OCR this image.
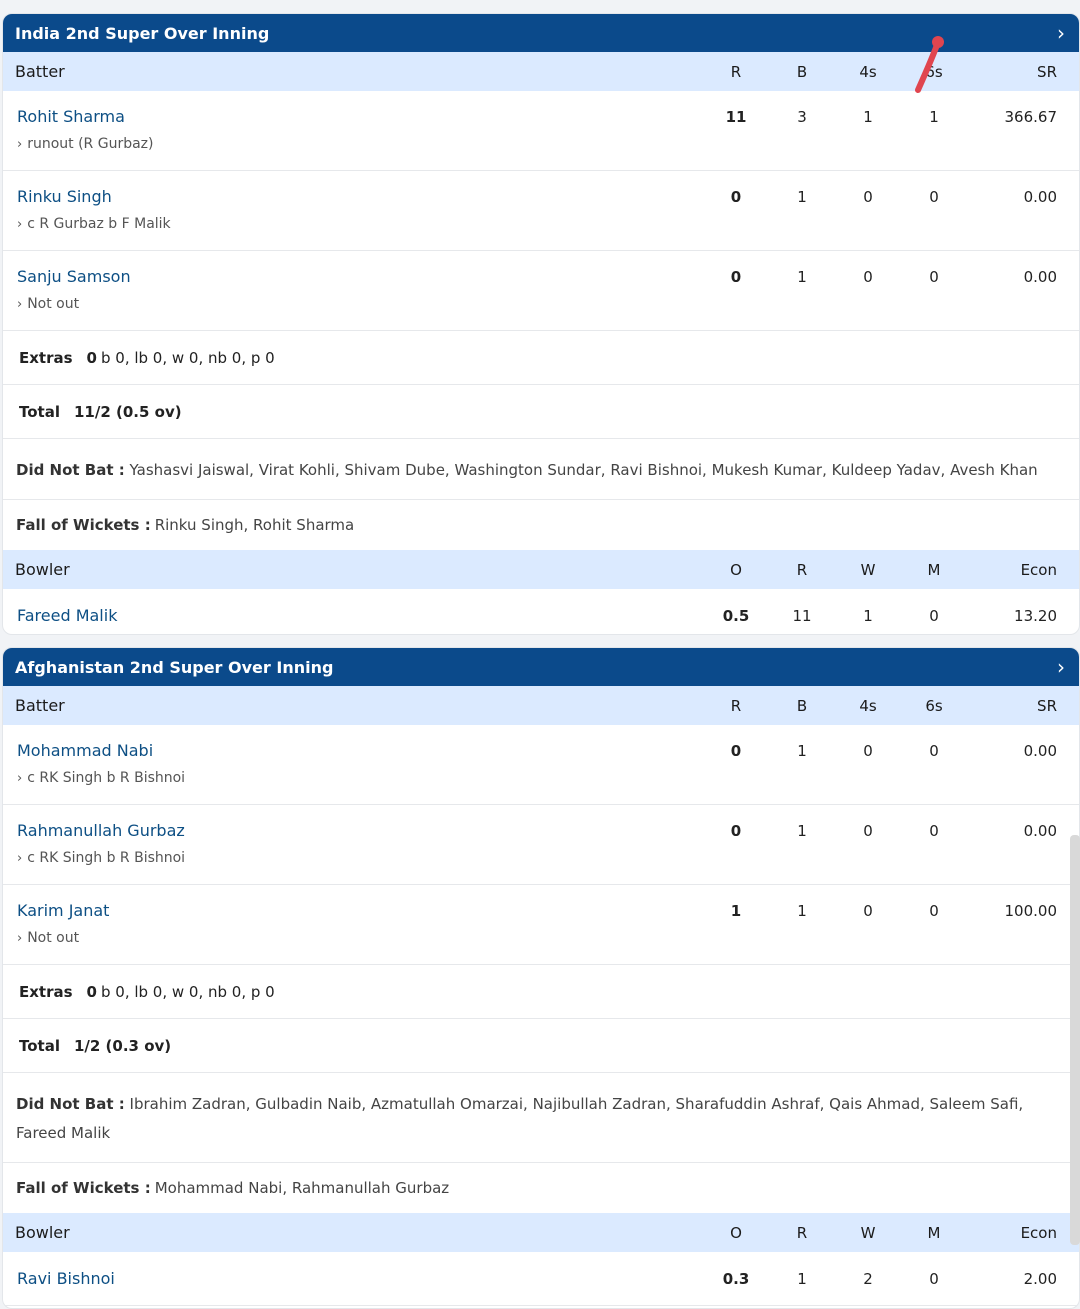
India 2nd Super Over Inning	›
Batter	R	B	4s	6s	SR
Rohit Sharma
› runout (R Gurbaz)
11	3	1	1	366.67
Rinku Singh
› c R Gurbaz b F Malik
0	1	0	0	0.00
Sanju Samson
› Not out
0	1	0	0	0.00
Extras 0 b 0, lb 0, w 0, nb 0, p 0
Total 11/2 (0.5 ov)
Did Not Bat : Yashasvi Jaiswal, Virat Kohli, Shivam Dube, Washington Sundar, Ravi Bishnoi, Mukesh Kumar, Kuldeep Yadav, Avesh Khan
Fall of Wickets : Rinku Singh, Rohit Sharma
Bowler	O	R	W	M	Econ
Fareed Malik	0.5	11	1	0	13.20
Afghanistan 2nd Super Over Inning	›
Batter	R	B	4s	6s	SR
Mohammad Nabi
› c RK Singh b R Bishnoi
0	1	0	0	0.00
Rahmanullah Gurbaz
› c RK Singh b R Bishnoi
0	1	0	0	0.00
Karim Janat
› Not out
1	1	0	0	100.00
Extras 0 b 0, lb 0, w 0, nb 0, p 0
Total 1/2 (0.3 ov)
Did Not Bat : Ibrahim Zadran, Gulbadin Naib, Azmatullah Omarzai, Najibullah Zadran, Sharafuddin Ashraf, Qais Ahmad, Saleem Safi, Fareed Malik
Fall of Wickets : Mohammad Nabi, Rahmanullah Gurbaz
Bowler	O	R	W	M	Econ
Ravi Bishnoi	0.3	1	2	0	2.00
